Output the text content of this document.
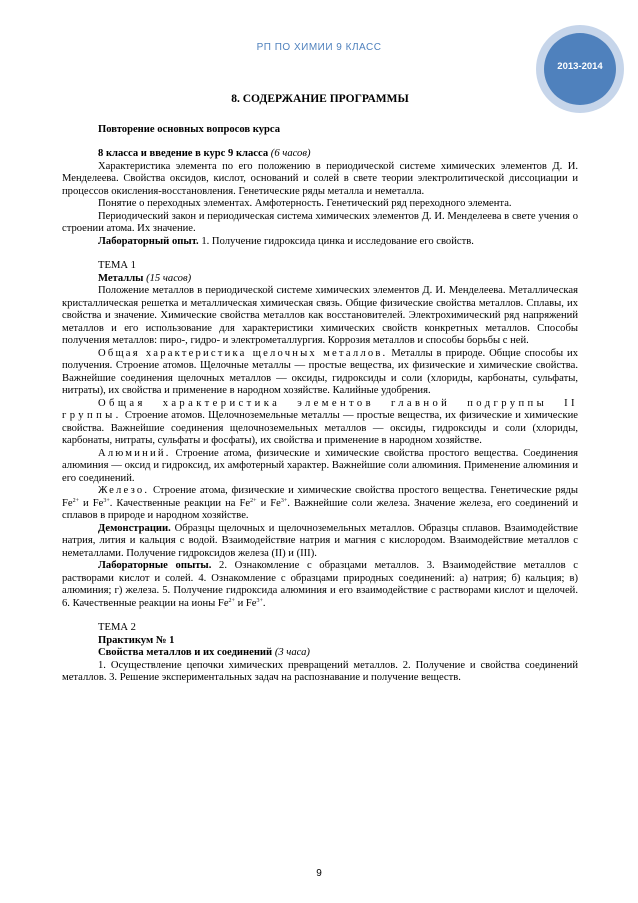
РП ПО ХИМИИ 9 КЛАСС
2013-2014
8. СОДЕРЖАНИЕ ПРОГРАММЫ

Повторение основных вопросов курса

8 класса и введение в курс 9 класса (6 часов)

Характеристика элемента по его положению в периодической системе химических элементов Д. И. Менделеева. Свойства оксидов, кислот, оснований и солей в свете теории электролитической диссоциации и процессов окисления-восстановления. Генетические ряды металла и неметалла.

Понятие о переходных элементах. Амфотерность. Генетический ряд переходного элемента.

Периодический закон и периодическая система химических элементов Д. И. Менделеева в свете учения о строении атома. Их значение.

Лабораторный опыт. 1. Получение гидроксида цинка и исследование его свойств.

ТЕМА 1

Металлы (15 часов)

Положение металлов в периодической системе химических элементов Д. И. Менделеева. Металлическая кристаллическая решетка и металлическая химическая связь. Общие физические свойства металлов. Сплавы, их свойства и значение. Химические свойства металлов как восстановителей. Электрохимический ряд напряжений металлов и его использование для характеристики химических свойств конкретных металлов. Способы получения металлов: пиро-, гидро- и электрометаллургия. Коррозия металлов и способы борьбы с ней.

Общая характеристика щелочных металлов. Металлы в природе. Общие способы их получения. Строение атомов. Щелочные металлы — простые вещества, их физические и химические свойства. Важнейшие соединения щелочных металлов — оксиды, гидроксиды и соли (хлориды, карбонаты, сульфаты, нитраты), их свойства и применение в народном хозяйстве. Калийные удобрения.

Общая характеристика элементов главной подгруппы II группы. Строение атомов. Щелочноземельные металлы — простые вещества, их физические и химические свойства. Важнейшие соединения щелочноземельных металлов — оксиды, гидроксиды и соли (хлориды, карбонаты, нитраты, сульфаты и фосфаты), их свойства и применение в народном хозяйстве.

Алюминий. Строение атома, физические и химические свойства простого вещества. Соединения алюминия — оксид и гидроксид, их амфотерный характер. Важнейшие соли алюминия. Применение алюминия и его соединений.

Железо. Строение атома, физические и химические свойства простого вещества. Генетические ряды $Fe^{2+}$ и $Fe^{3+}$. Качественные реакции на $Fe^{2+}$ и $Fe^{3+}$. Важнейшие соли железа. Значение железа, его соединений и сплавов в природе и народном хозяйстве.

Демонстрации. Образцы щелочных и щелочноземельных металлов. Образцы сплавов. Взаимодействие натрия, лития и кальция с водой. Взаимодействие натрия и магния с кислородом. Взаимодействие металлов с неметаллами. Получение гидроксидов железа (II) и (III).

Лабораторные опыты. 2. Ознакомление с образцами металлов. 3. Взаимодействие металлов с растворами кислот и солей. 4. Ознакомление с образцами природных соединений: а) натрия; б) кальция; в) алюминия; г) железа. 5. Получение гидроксида алюминия и его взаимодействие с растворами кислот и щелочей. 6. Качественные реакции на ионы $Fe^{2+}$ и $Fe^{3+}$.

ТЕМА 2

Практикум № 1

Свойства металлов и их соединений (3 часа)

1. Осуществление цепочки химических превращений металлов. 2. Получение и свойства соединений металлов. 3. Решение экспериментальных задач на распознавание и получение веществ.

9
